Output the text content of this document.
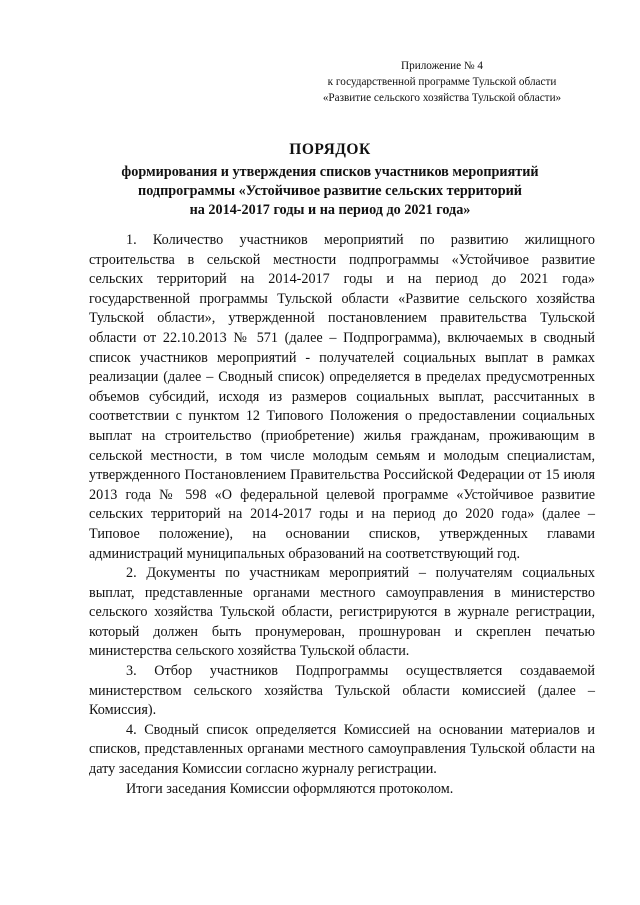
Приложение № 4
к государственной программе Тульской области
«Развитие сельского хозяйства Тульской области»
ПОРЯДОК
формирования и утверждения списков участников мероприятий
подпрограммы «Устойчивое развитие сельских территорий
на 2014-2017 годы и на период до 2021 года»

1. Количество участников мероприятий по развитию жилищного строительства в сельской местности подпрограммы «Устойчивое развитие сельских территорий на 2014-2017 годы и на период до 2021 года» государственной программы Тульской области «Развитие сельского хозяйства Тульской области», утвержденной постановлением правительства Тульской области от 22.10.2013 № 571 (далее – Подпрограмма), включаемых в сводный список участников мероприятий - получателей социальных выплат в рамках реализации (далее – Сводный список) определяется в пределах предусмотренных объемов субсидий, исходя из размеров социальных выплат, рассчитанных в соответствии с пунктом 12 Типового Положения о предоставлении социальных выплат на строительство (приобретение) жилья гражданам, проживающим в сельской местности, в том числе молодым семьям и молодым специалистам, утвержденного Постановлением Правительства Российской Федерации от 15 июля 2013 года № 598 «О федеральной целевой программе «Устойчивое развитие сельских территорий на 2014-2017 годы и на период до 2020 года» (далее – Типовое положение), на основании списков, утвержденных главами администраций муниципальных образований на соответствующий год.

2. Документы по участникам мероприятий – получателям социальных выплат, представленные органами местного самоуправления в министерство сельского хозяйства Тульской области, регистрируются в журнале регистрации, который должен быть пронумерован, прошнурован и скреплен печатью министерства сельского хозяйства Тульской области.

3. Отбор участников Подпрограммы осуществляется создаваемой министерством сельского хозяйства Тульской области комиссией (далее – Комиссия).

4. Сводный список определяется Комиссией на основании материалов и списков, представленных органами местного самоуправления Тульской области на дату заседания Комиссии согласно журналу регистрации.

Итоги заседания Комиссии оформляются протоколом.
